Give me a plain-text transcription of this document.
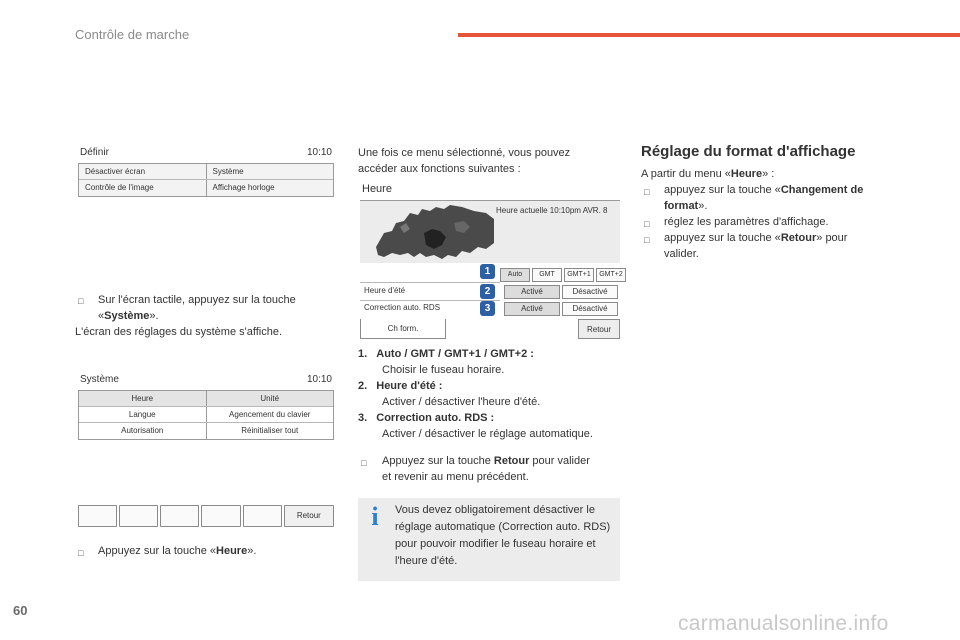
Contrôle de marche
Définir	10:10
Désactiver écran	Système
Contrôle de l'image	Affichage horloge
□ Sur l'écran tactile, appuyez sur la touche
«Système».
L'écran des réglages du système s'affiche.
Système	10:10
Heure	Unité
Langue	Agencement du clavier
Autorisation	Réinitialiser tout
Retour
□ Appuyez sur la touche «Heure».
Une fois ce menu sélectionné, vous pouvez accéder aux fonctions suivantes :
Heure
Heure actuelle 10:10pm AVR. 8
Auto	GMT	GMT+1	GMT+2
1
Heure d'été	Activé	Désactivé
2
Correction auto. RDS	Activé	Désactivé
3
Ch form.	Retour
1. Auto / GMT / GMT+1 / GMT+2 :
Choisir le fuseau horaire.
2. Heure d'été :
Activer / désactiver l'heure d'été.
3. Correction auto. RDS :
Activer / désactiver le réglage automatique.
□ Appuyez sur la touche Retour pour valider
et revenir au menu précédent.
i	Vous devez obligatoirement désactiver le réglage automatique (Correction auto. RDS) pour pouvoir modifier le fuseau horaire et l'heure d'été.
Réglage du format d'affichage
A partir du menu «Heure» :
□ appuyez sur la touche «Changement de
format».
□ réglez les paramètres d'affichage.
□ appuyez sur la touche «Retour» pour
valider.
60
carmanualsonline.info
